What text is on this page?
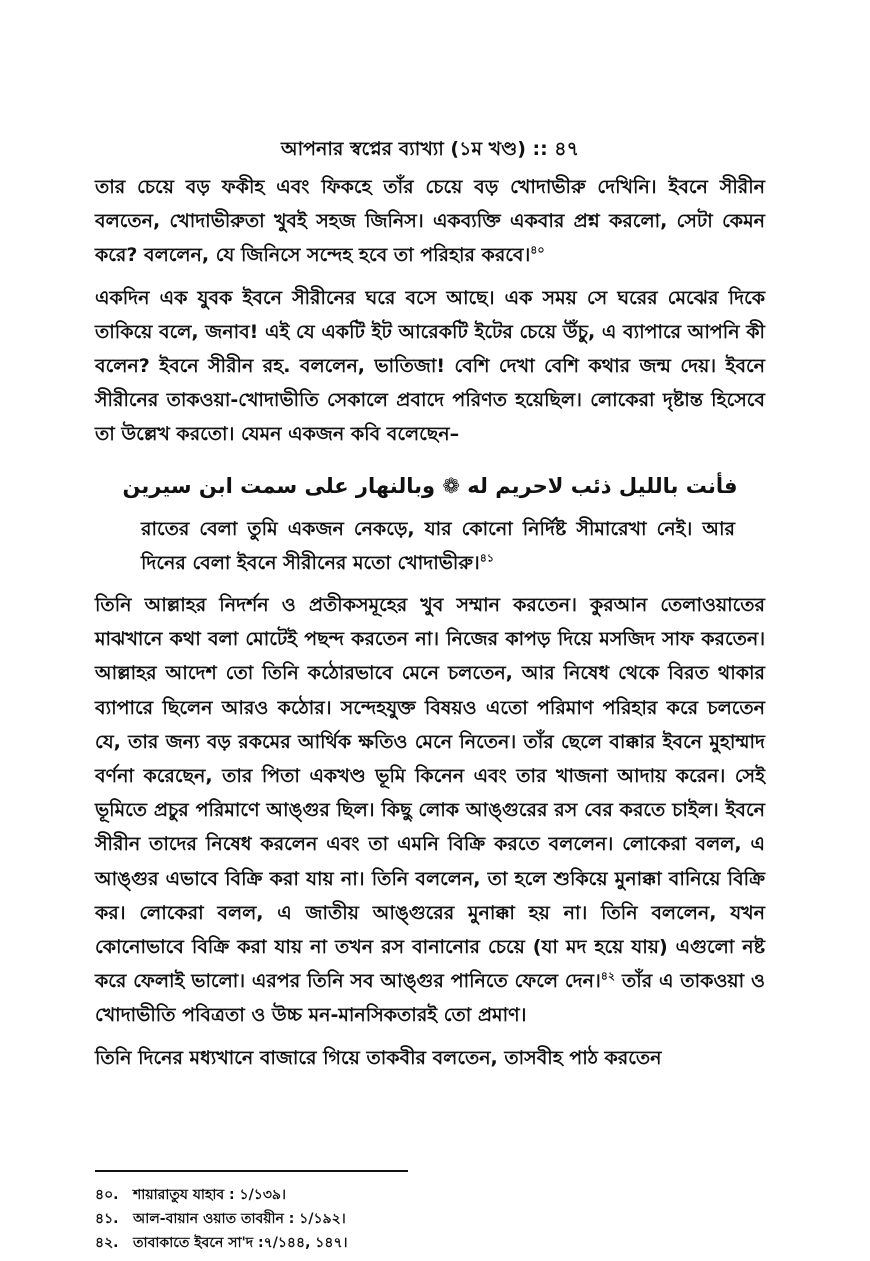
আপনার স্বপ্নের ব্যাখ্যা (১ম খণ্ড) :: ৪৭

তার চেয়ে বড় ফকীহ এবং ফিকহে তাঁর চেয়ে বড় খোদাভীরু দেখিনি। ইবনে সীরীন বলতেন, খোদাভীরুতা খুবই সহজ জিনিস। একব্যক্তি একবার প্রশ্ন করলো, সেটা কেমন করে? বললেন, যে জিনিসে সন্দেহ হবে তা পরিহার করবে।$^{৪০}$

একদিন এক যুবক ইবনে সীরীনের ঘরে বসে আছে। এক সময় সে ঘরের মেঝের দিকে তাকিয়ে বলে, জনাব! এই যে একটি ইট আরেকটি ইটের চেয়ে উঁচু, এ ব্যাপারে আপনি কী বলেন? ইবনে সীরীন রহ. বললেন, ভাতিজা! বেশি দেখা বেশি কথার জন্ম দেয়। ইবনে সীরীনের তাকওয়া-খোদাভীতি সেকালে প্রবাদে পরিণত হয়েছিল। লোকেরা দৃষ্টান্ত হিসেবে তা উল্লেখ করতো। যেমন একজন কবি বলেছেন–

فأنت بالليل ذئب لاحريم له ❁ وبالنهار على سمت ابن سيرين

রাতের বেলা তুমি একজন নেকড়ে, যার কোনো নির্দিষ্ট সীমারেখা নেই। আর দিনের বেলা ইবনে সীরীনের মতো খোদাভীরু।$^{৪১}$

তিনি আল্লাহর নিদর্শন ও প্রতীকসমূহের খুব সম্মান করতেন। কুরআন তেলাওয়াতের মাঝখানে কথা বলা মোটেই পছন্দ করতেন না। নিজের কাপড় দিয়ে মসজিদ সাফ করতেন। আল্লাহর আদেশ তো তিনি কঠোরভাবে মেনে চলতেন, আর নিষেধ থেকে বিরত থাকার ব্যাপারে ছিলেন আরও কঠোর। সন্দেহযুক্ত বিষয়ও এতো পরিমাণ পরিহার করে চলতেন যে, তার জন্য বড় রকমের আর্থিক ক্ষতিও মেনে নিতেন। তাঁর ছেলে বাক্কার ইবনে মুহাম্মাদ বর্ণনা করেছেন, তার পিতা একখণ্ড ভূমি কিনেন এবং তার খাজনা আদায় করেন। সেই ভূমিতে প্রচুর পরিমাণে আঙ্গুর ছিল। কিছু লোক আঙ্গুরের রস বের করতে চাইল। ইবনে সীরীন তাদের নিষেধ করলেন এবং তা এমনি বিক্রি করতে বললেন। লোকেরা বলল, এ আঙ্গুর এভাবে বিক্রি করা যায় না। তিনি বললেন, তা হলে শুকিয়ে মুনাক্কা বানিয়ে বিক্রি কর। লোকেরা বলল, এ জাতীয় আঙ্গুরের মুনাক্কা হয় না। তিনি বললেন, যখন কোনোভাবে বিক্রি করা যায় না তখন রস বানানোর চেয়ে (যা মদ হয়ে যায়) এগুলো নষ্ট করে ফেলাই ভালো। এরপর তিনি সব আঙ্গুর পানিতে ফেলে দেন।$^{৪২}$ তাঁর এ তাকওয়া ও খোদাভীতি পবিত্রতা ও উচ্চ মন-মানসিকতারই তো প্রমাণ।

তিনি দিনের মধ্যখানে বাজারে গিয়ে তাকবীর বলতেন, তাসবীহ পাঠ করতেন

৪০. শায়ারাতুয যাহাব : ১/১৩৯।
৪১. আল-বায়ান ওয়াত তাবয়ীন : ১/১৯২।
৪২. তাবাকাতে ইবনে সা'দ :৭/১৪৪, ১৪৭।
